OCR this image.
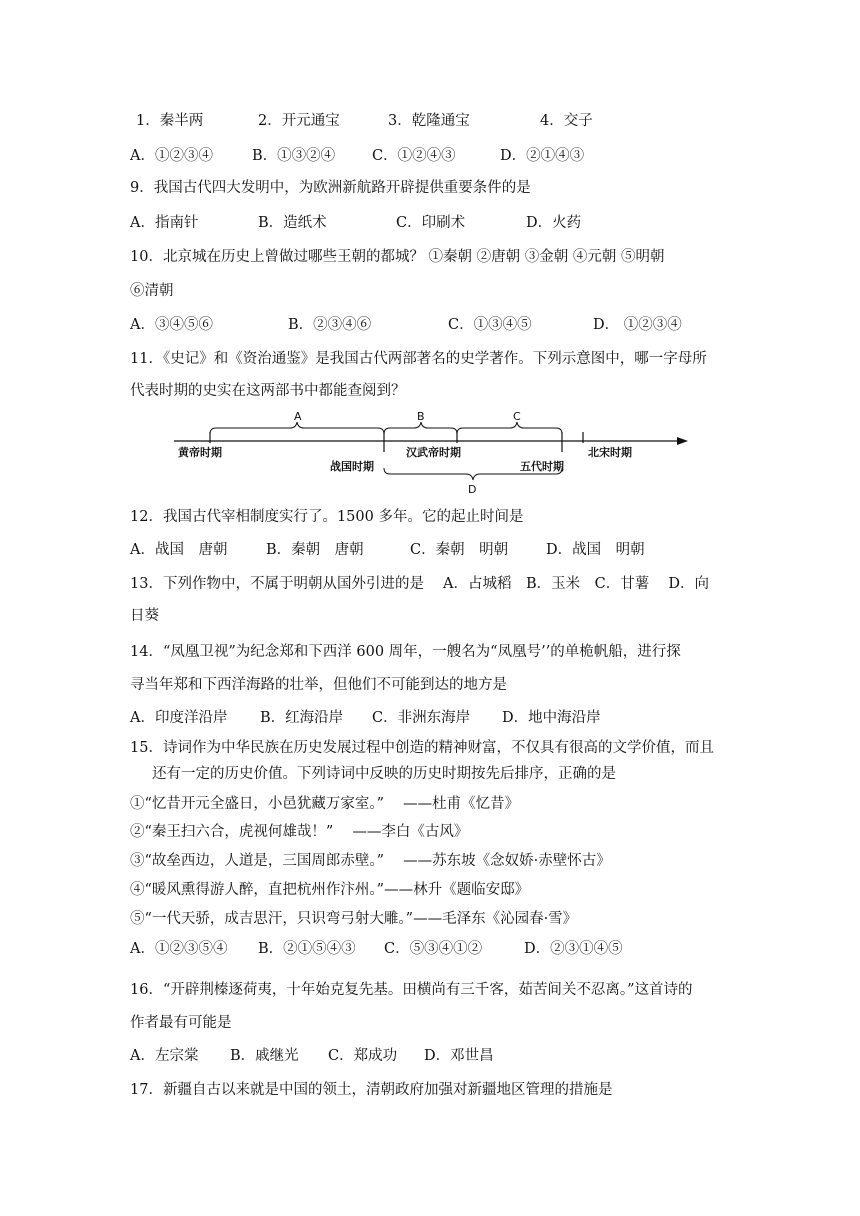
1．秦半两	2．开元通宝	3．乾隆通宝	4．交子
A．①②③④	B．①③②④	C．①②④③	D．②①④③
9．我国古代四大发明中，为欧洲新航路开辟提供重要条件的是
A．指南针	B．造纸术	C．印刷术	D．火药
10．北京城在历史上曾做过哪些王朝的都城？ ①秦朝 ②唐朝 ③金朝 ④元朝 ⑤明朝
⑥清朝
A．③④⑤⑥	B．②③④⑥	C．①③④⑤	D． ①②③④
11．《史记》和《资治通鉴》是我国古代两部著名的史学著作。下列示意图中，哪一字母所
代表时期的史实在这两部书中都能查阅到？
A	B	C
D
黄帝时期	汉武帝时期	北宋时期
战国时期	五代时期
12．我国古代宰相制度实行了。1500 多年。它的起止时间是
A．战国　唐朝	B．秦朝　唐朝	C．秦朝　明朝	D．战国　明朝
13．下列作物中，不属于明朝从国外引进的是　 A．占城稻　B．玉米　C．甘薯　 D．向
日葵
14．“凤凰卫视”为纪念郑和下西洋 600 周年，一艘名为“凤凰号’’的单桅帆船，进行探
寻当年郑和下西洋海路的壮举，但他们不可能到达的地方是
A．印度洋沿岸 B．红海沿岸 C．非洲东海岸 D．地中海沿岸
15．诗词作为中华民族在历史发展过程中创造的精神财富，不仅具有很高的文学价值，而且
还有一定的历史价值。下列诗词中反映的历史时期按先后排序，正确的是
①“忆昔开元全盛日，小邑犹藏万家室。”　 ——杜甫《忆昔》
②“秦王扫六合，虎视何雄哉！”　 ——李白《古风》
③“故垒西边，人道是，三国周郎赤壁。”　 ——苏东坡《念奴娇·赤壁怀古》
④“暖风熏得游人醉，直把杭州作汴州。”——林升《题临安邸》
⑤“一代天骄，成吉思汗，只识弯弓射大雕。”——毛泽东《沁园春·雪》
A．①②③⑤④ B．②①⑤④③ C．⑤③④①②	D．②③①④⑤
16．“开辟荆榛逐荷夷，十年始克复先基。田横尚有三千客，茹苦间关不忍离。”这首诗的
作者最有可能是
A．左宗棠 B．戚继光 C．郑成功 D．邓世昌
17．新疆自古以来就是中国的领土，清朝政府加强对新疆地区管理的措施是
